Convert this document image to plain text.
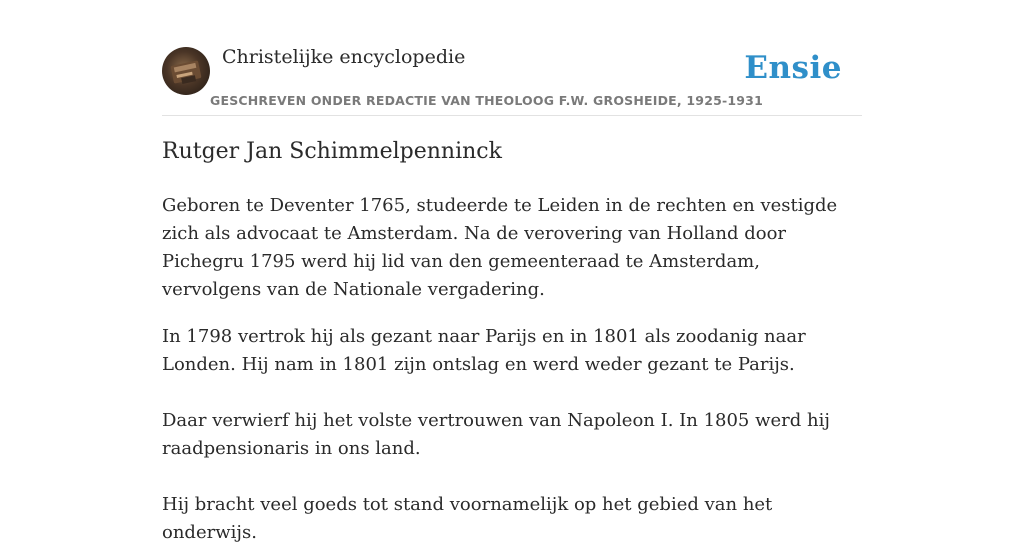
Christelijke encyclopedie
GESCHREVEN ONDER REDACTIE VAN THEOLOOG F.W. GROSHEIDE, 1925-1931
Ensie
Rutger Jan Schimmelpenninck

Geboren te Deventer 1765, studeerde te Leiden in de rechten en vestigde zich als advocaat te Amsterdam. Na de verovering van Holland door Pichegru 1795 werd hij lid van den gemeenteraad te Amsterdam, vervolgens van de Nationale vergadering.

In 1798 vertrok hij als gezant naar Parijs en in 1801 als zoodanig naar Londen. Hij nam in 1801 zijn ontslag en werd weder gezant te Parijs.

Daar verwierf hij het volste vertrouwen van Napoleon I. In 1805 werd hij raadpensionaris in ons land.

Hij bracht veel goeds tot stand voornamelijk op het gebied van het onderwijs.
